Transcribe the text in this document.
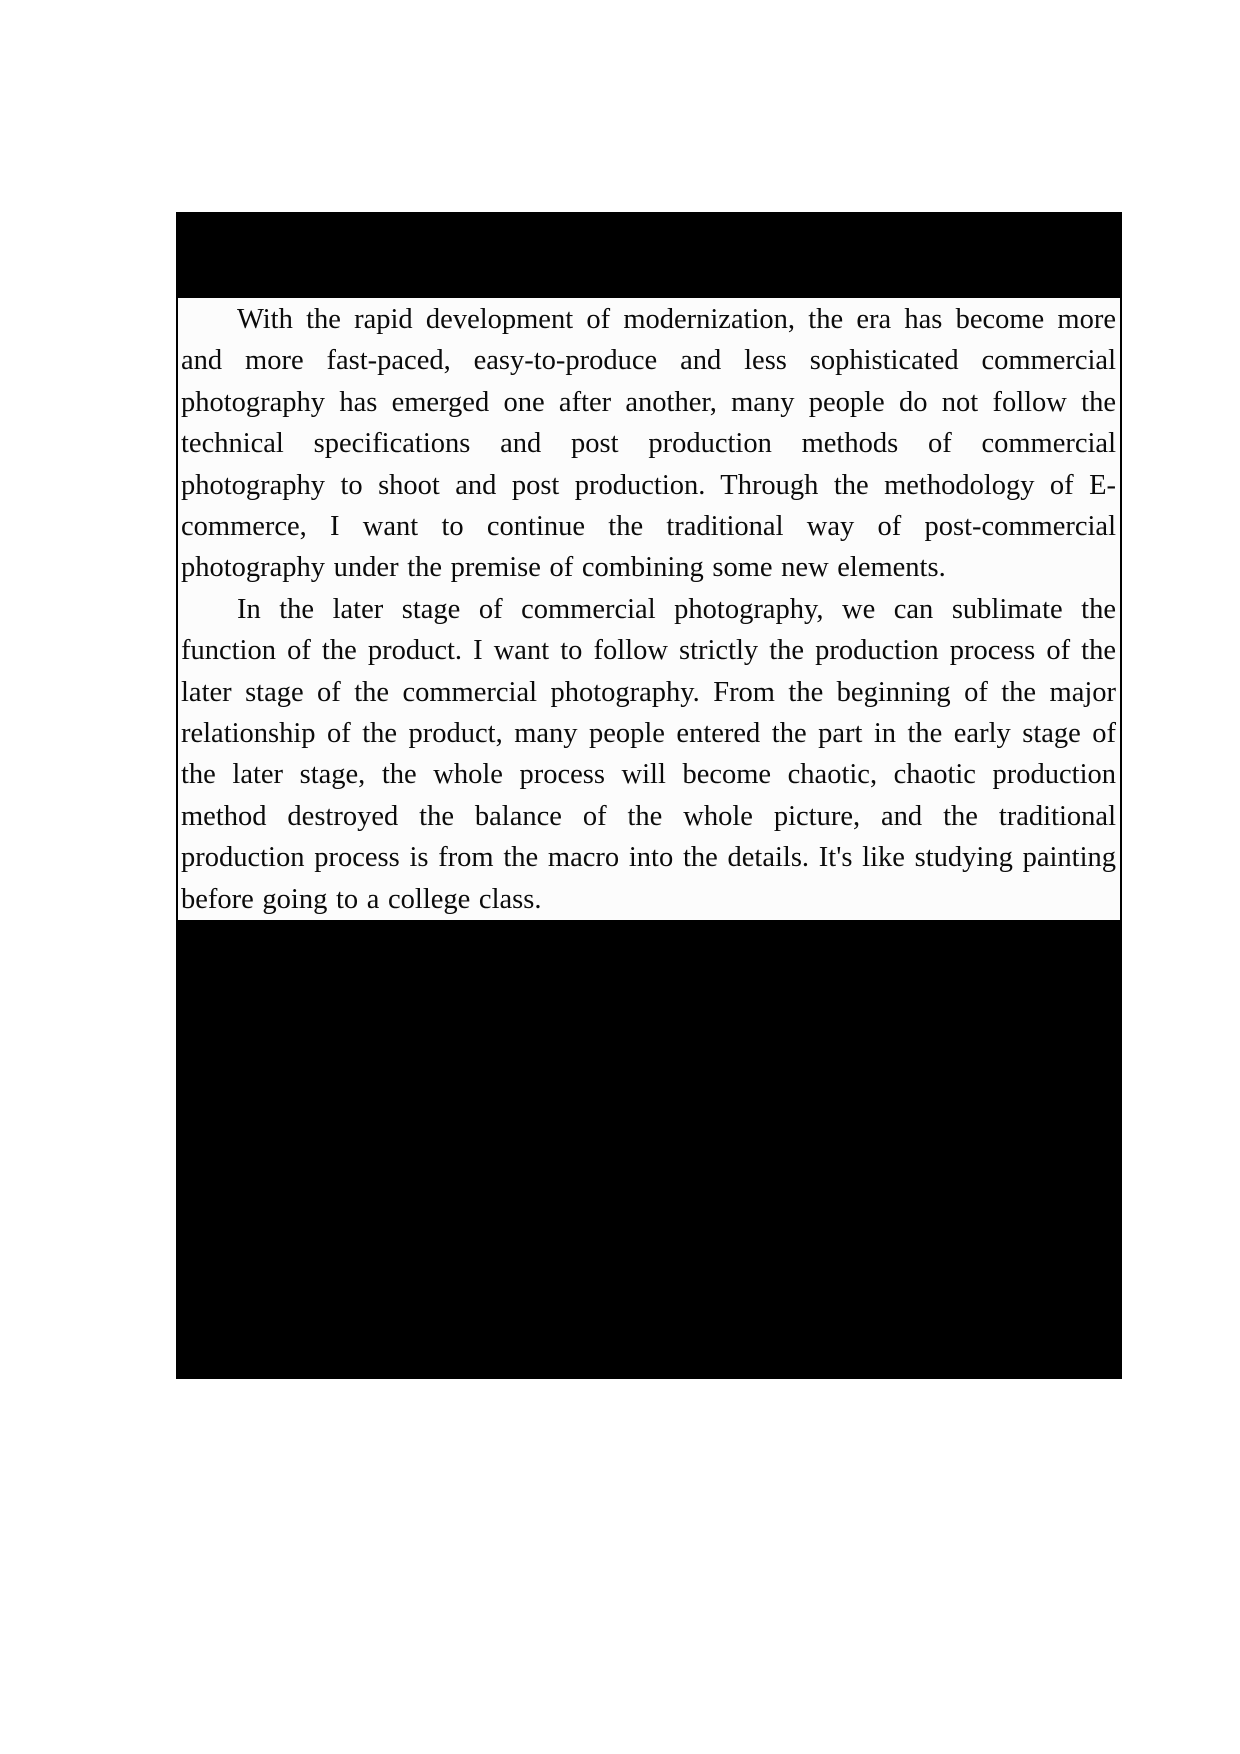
With the rapid development of modernization, the era has become more and more fast-paced, easy-to-produce and less sophisticated commercial photography has emerged one after another, many people do not follow the technical specifications and post production methods of commercial photography to shoot and post production. Through the methodology of E-commerce, I want to continue the traditional way of post-commercial photography under the premise of combining some new elements.

In the later stage of commercial photography, we can sublimate the function of the product. I want to follow strictly the production process of the later stage of the commercial photography. From the beginning of the major relationship of the product, many people entered the part in the early stage of the later stage, the whole process will become chaotic, chaotic production method destroyed the balance of the whole picture, and the traditional production process is from the macro into the details. It's like studying painting before going to a college class.
